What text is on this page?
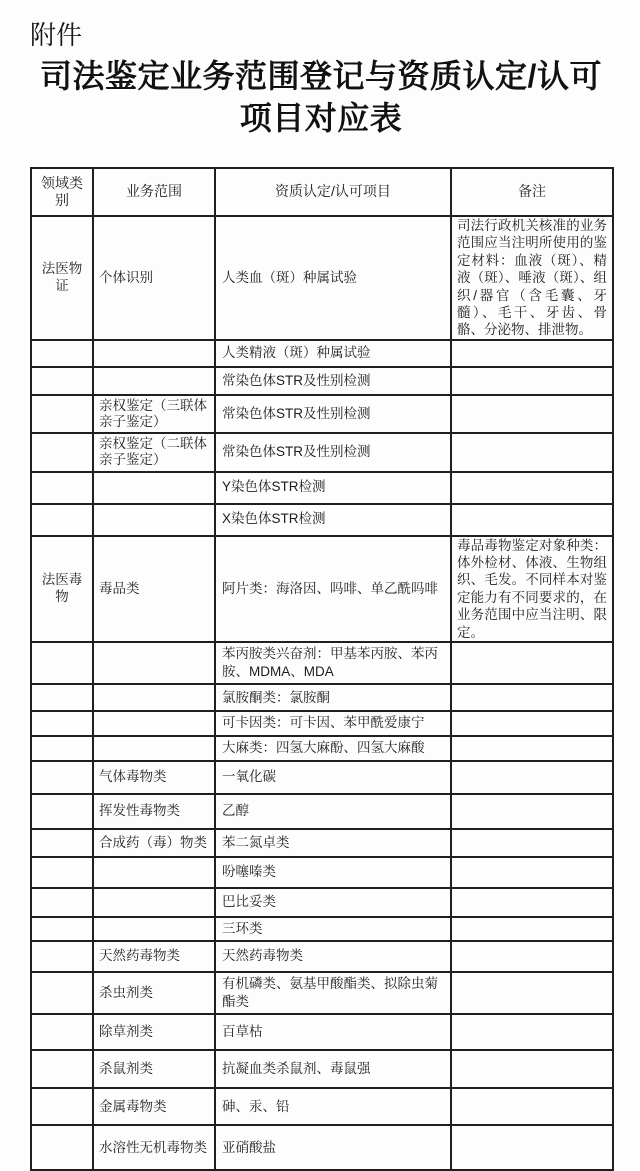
附件
司法鉴定业务范围登记与资质认定/认可
项目对应表
领域类别	业务范围	资质认定/认可项目	备注
法医物证	个体识别	人类血（斑）种属试验	司法行政机关核准的业务范围应当注明所使用的鉴定材料：血液（斑）、精液（斑）、唾液（斑）、组织/器官（含毛囊、牙髓）、毛干、牙齿、骨骼、分泌物、排泄物。
		人类精液（斑）种属试验	
		常染色体STR及性别检测	
	亲权鉴定（三联体亲子鉴定）	常染色体STR及性别检测	
	亲权鉴定（二联体亲子鉴定）	常染色体STR及性别检测	
		Y染色体STR检测	
		X染色体STR检测	
法医毒物	毒品类	阿片类：海洛因、吗啡、单乙酰吗啡	毒品毒物鉴定对象种类：体外检材、体液、生物组织、毛发。不同样本对鉴定能力有不同要求的，在业务范围中应当注明、限定。
		苯丙胺类兴奋剂：甲基苯丙胺、苯丙胺、MDMA、MDA	
		氯胺酮类：氯胺酮	
		可卡因类：可卡因、苯甲酰爱康宁	
		大麻类：四氢大麻酚、四氢大麻酸	
	气体毒物类	一氧化碳	
	挥发性毒物类	乙醇	
	合成药（毒）物类	苯二氮卓类	
		吩噻嗪类	
		巴比妥类	
		三环类	
	天然药毒物类	天然药毒物类	
	杀虫剂类	有机磷类、氨基甲酸酯类、拟除虫菊酯类	
	除草剂类	百草枯	
	杀鼠剂类	抗凝血类杀鼠剂、毒鼠强	
	金属毒物类	砷、汞、铅	
	水溶性无机毒物类	亚硝酸盐	
